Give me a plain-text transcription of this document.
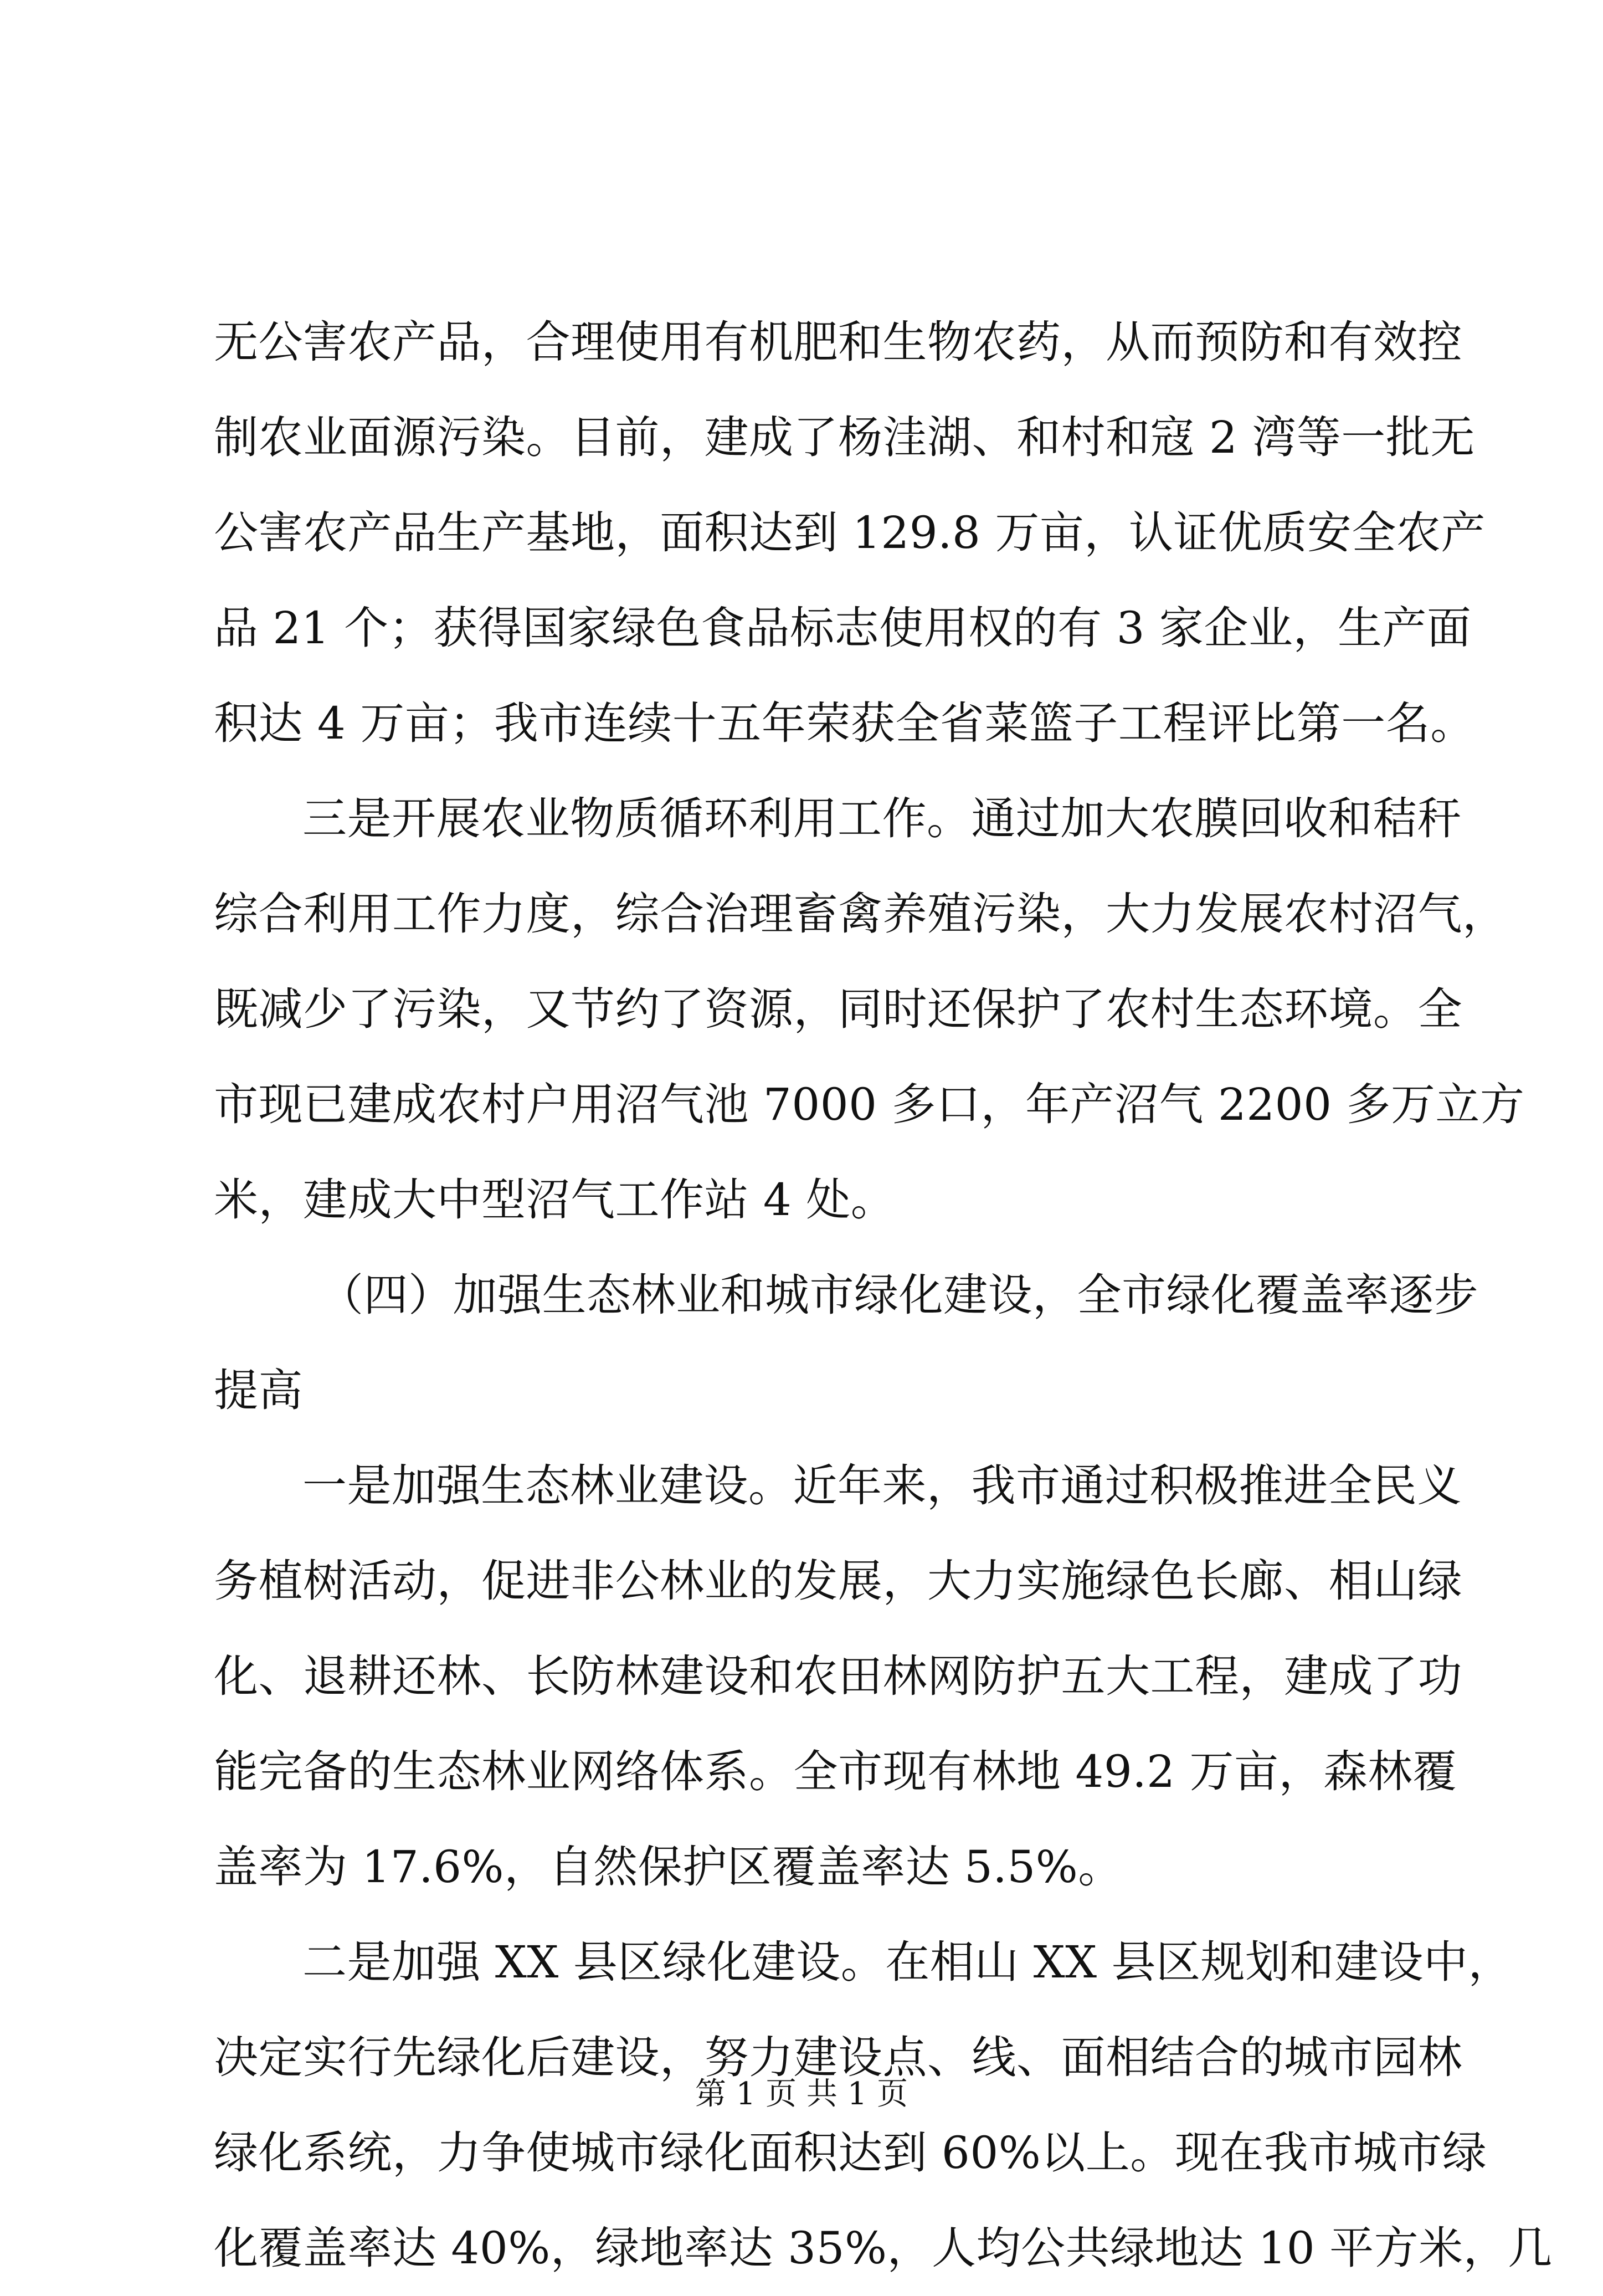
无公害农产品，合理使用有机肥和生物农药，从而预防和有效控
制农业面源污染。目前，建成了杨洼湖、和村和寇 2 湾等一批无
公害农产品生产基地，面积达到 129.8 万亩，认证优质安全农产
品 21 个；获得国家绿色食品标志使用权的有 3 家企业，生产面
积达 4 万亩；我市连续十五年荣获全省菜篮子工程评比第一名。
三是开展农业物质循环利用工作。通过加大农膜回收和秸秆
综合利用工作力度，综合治理畜禽养殖污染，大力发展农村沼气，
既减少了污染，又节约了资源，同时还保护了农村生态环境。全
市现已建成农村户用沼气池 7000 多口，年产沼气 2200 多万立方
米，建成大中型沼气工作站 4 处。
（四）加强生态林业和城市绿化建设，全市绿化覆盖率逐步
提高
一是加强生态林业建设。近年来，我市通过积极推进全民义
务植树活动，促进非公林业的发展，大力实施绿色长廊、相山绿
化、退耕还林、长防林建设和农田林网防护五大工程，建成了功
能完备的生态林业网络体系。全市现有林地 49.2 万亩，森林覆
盖率为 17.6%，自然保护区覆盖率达 5.5%。
二是加强 XX 县区绿化建设。在相山 XX 县区规划和建设中，
决定实行先绿化后建设，努力建设点、线、面相结合的城市园林
绿化系统，力争使城市绿化面积达到 60%以上。现在我市城市绿
化覆盖率达 40%，绿地率达 35%，人均公共绿地达 10 平方米，几
第 1 页 共 1 页
